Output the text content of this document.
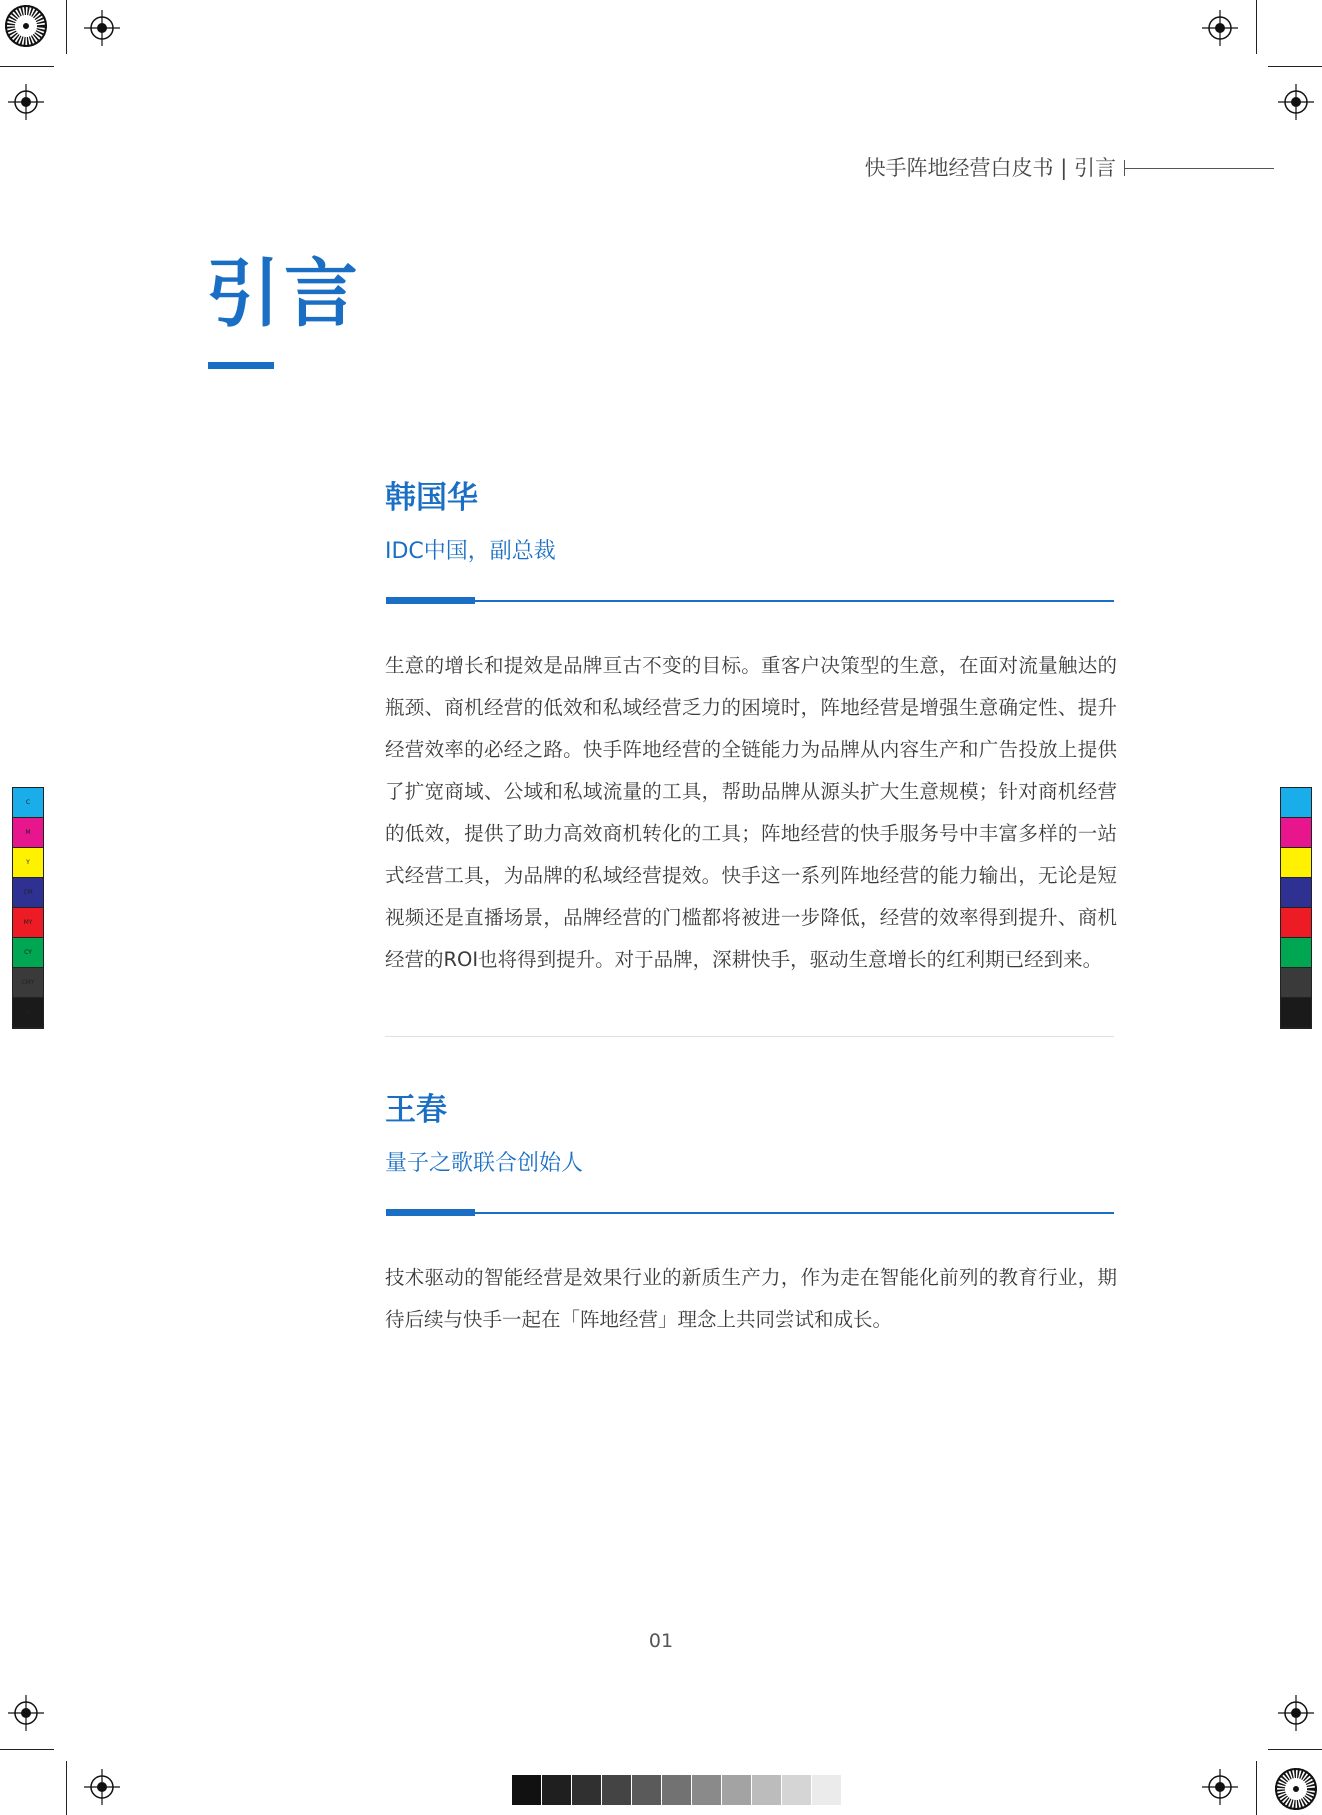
快手阵地经营白皮书 | 引言
引言
韩国华
IDC中国，副总裁
生意的增长和提效是品牌亘古不变的目标。重客户决策型的生意，在面对流量触达的瓶颈、商机经营的低效和私域经营乏力的困境时，阵地经营是增强生意确定性、提升经营效率的必经之路。快手阵地经营的全链能力为品牌从内容生产和广告投放上提供了扩宽商域、公域和私域流量的工具，帮助品牌从源头扩大生意规模；针对商机经营的低效，提供了助力高效商机转化的工具；阵地经营的快手服务号中丰富多样的一站式经营工具，为品牌的私域经营提效。快手这一系列阵地经营的能力输出，无论是短视频还是直播场景，品牌经营的门槛都将被进一步降低，经营的效率得到提升、商机经营的ROI也将得到提升。对于品牌，深耕快手，驱动生意增长的红利期已经到来。
王春
量子之歌联合创始人
技术驱动的智能经营是效果行业的新质生产力，作为走在智能化前列的教育行业，期待后续与快手一起在「阵地经营」理念上共同尝试和成长。
01
C
M
Y
CM
MY
CY
CMY
K
